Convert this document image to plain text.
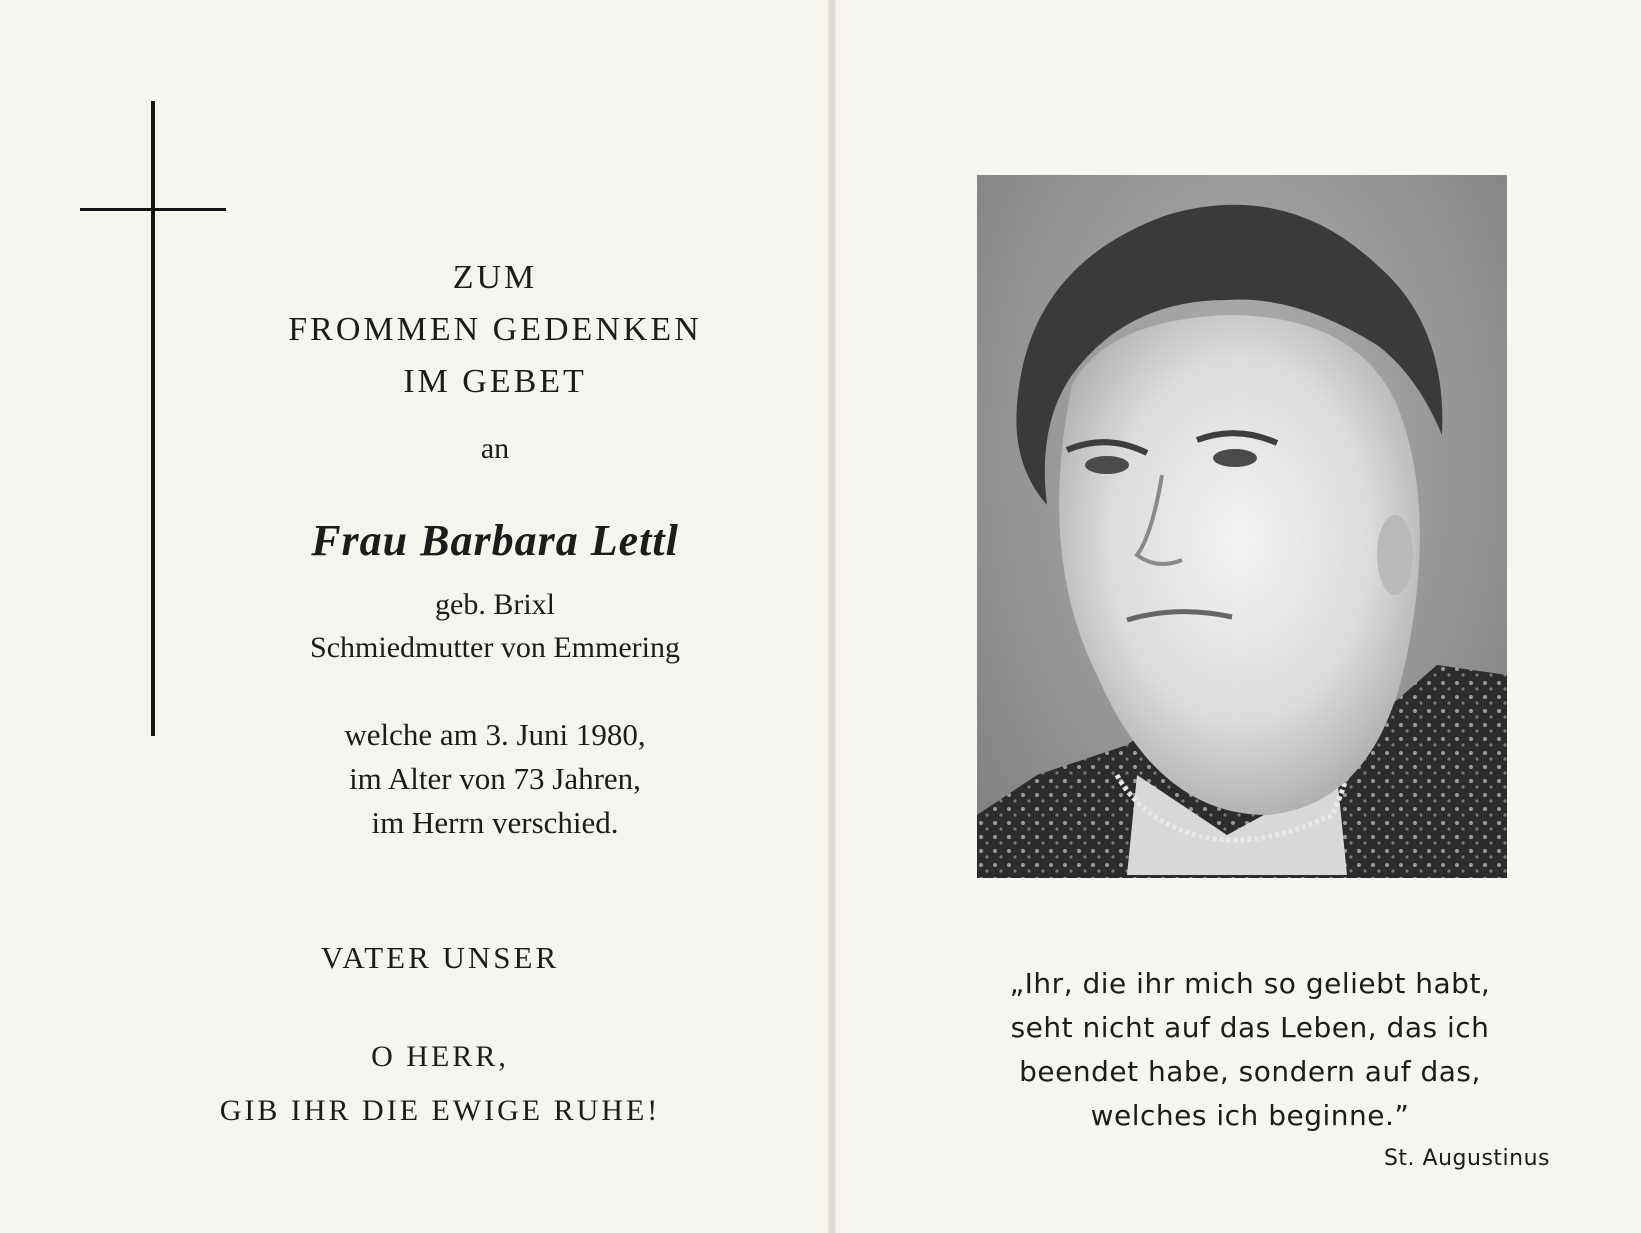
ZUM
FROMMEN GEDENKEN
IM GEBET
an
Frau Barbara Lettl
geb. Brixl
Schmiedmutter von Emmering
welche am 3. Juni 1980,
im Alter von 73 Jahren,
im Herrn verschied.
VATER UNSER
O HERR,
GIB IHR DIE EWIGE RUHE!
„Ihr, die ihr mich so geliebt habt,
seht nicht auf das Leben, das ich
beendet habe, sondern auf das,
welches ich beginne.”
St. Augustinus
